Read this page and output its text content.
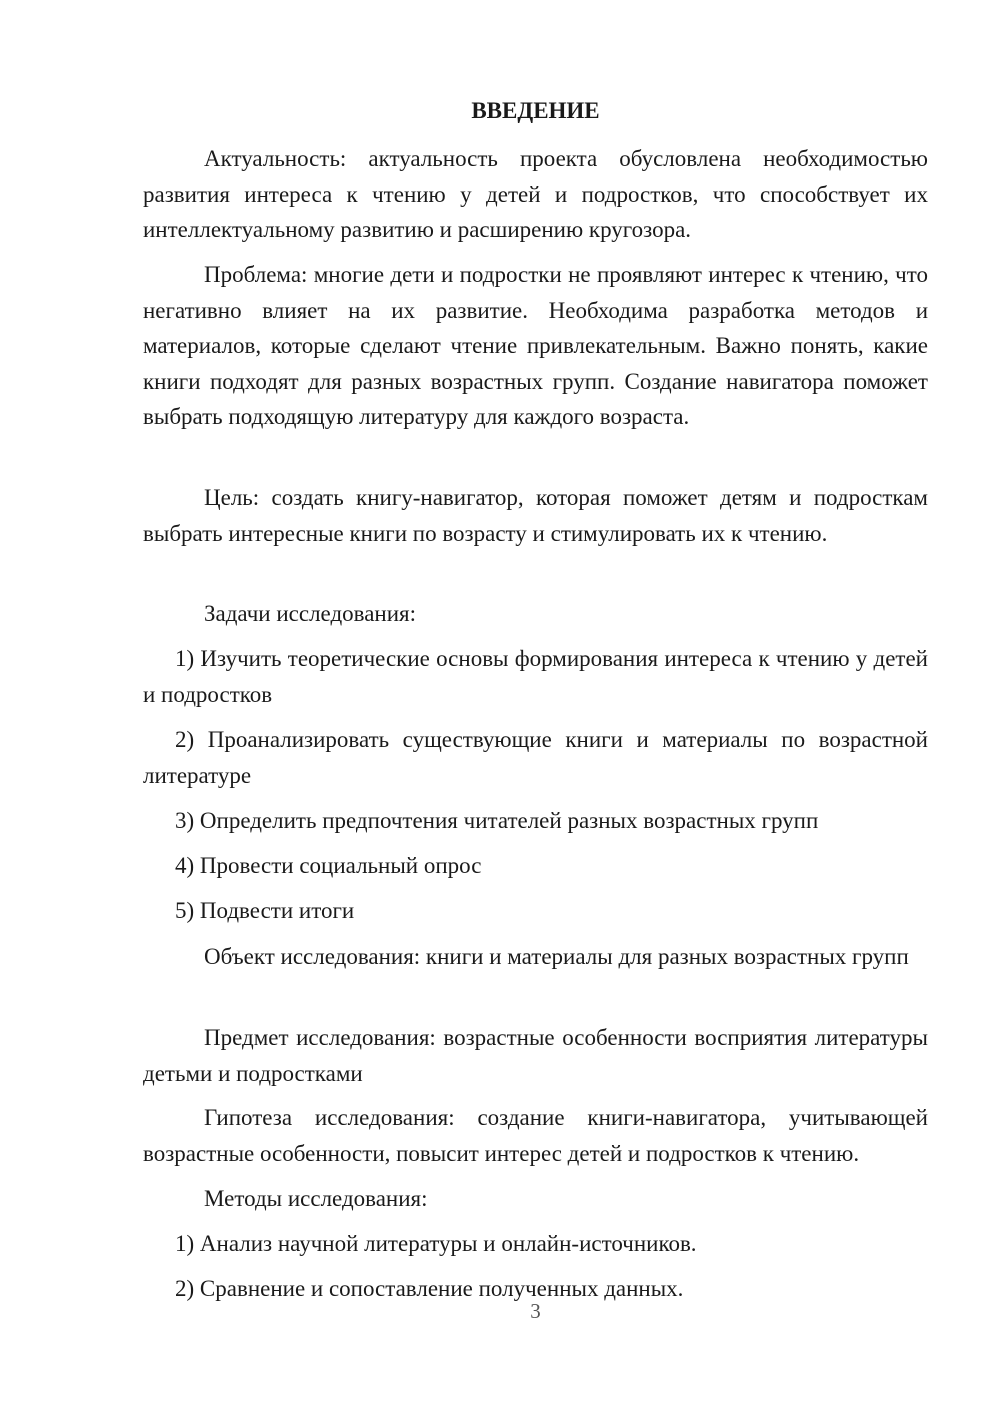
ВВЕДЕНИЕ

Актуальность: актуальность проекта обусловлена необходимостью развития интереса к чтению у детей и подростков, что способствует их интеллектуальному развитию и расширению кругозора.

Проблема: многие дети и подростки не проявляют интерес к чтению, что негативно влияет на их развитие. Необходима разработка методов и материалов, которые сделают чтение привлекательным. Важно понять, какие книги подходят для разных возрастных групп. Создание навигатора поможет выбрать подходящую литературу для каждого возраста.

Цель: создать книгу-навигатор, которая поможет детям и подросткам выбрать интересные книги по возрасту и стимулировать их к чтению.

Задачи исследования:

1) Изучить теоретические основы формирования интереса к чтению у детей и подростков

2) Проанализировать существующие книги и материалы по возрастной литературе

3) Определить предпочтения читателей разных возрастных групп

4) Провести социальный опрос

5) Подвести итоги

Объект исследования: книги и материалы для разных возрастных групп

Предмет исследования: возрастные особенности восприятия литературы детьми и подростками

Гипотеза исследования: создание книги-навигатора, учитывающей возрастные особенности, повысит интерес детей и подростков к чтению.

Методы исследования:

1) Анализ научной литературы и онлайн-источников.

2) Сравнение и сопоставление полученных данных.

3
